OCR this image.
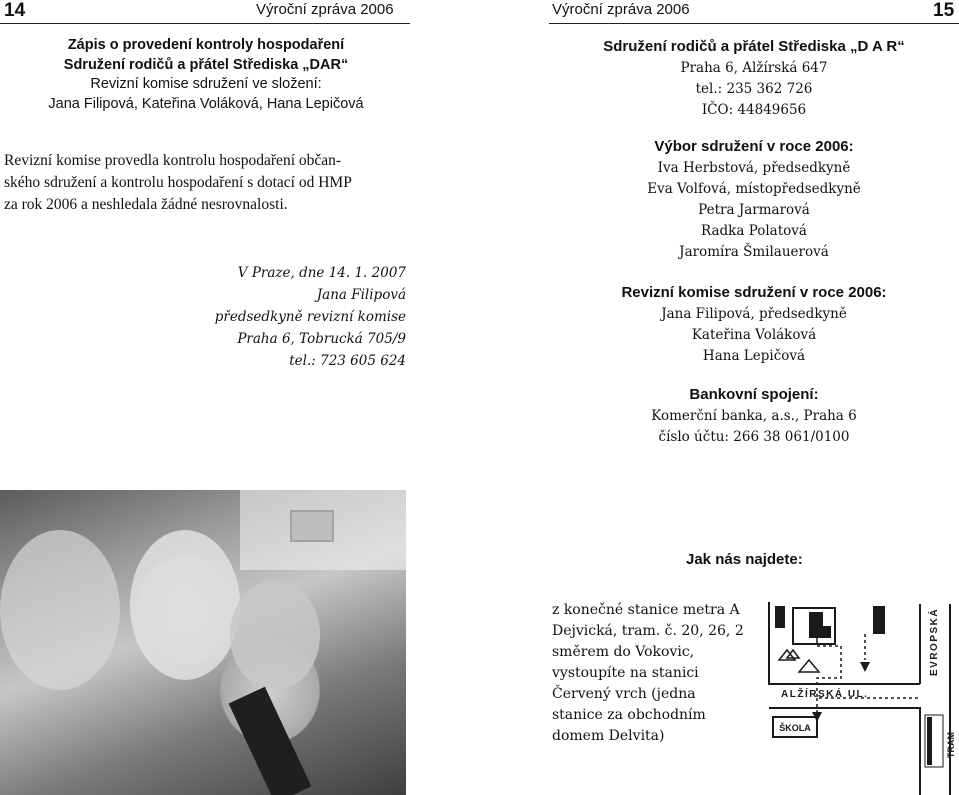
14	Výroční zpráva 2006	Výroční zpráva 2006	15
Zápis o provedení kontroly hospodaření
Sdružení rodičů a přátel Střediska „DAR“
Revizní komise sdružení ve složení:
Jana Filipová, Kateřina Voláková, Hana Lepičová
Revizní komise provedla kontrolu hospodaření občan-
ského sdružení a kontrolu hospodaření s dotací od HMP
za rok 2006 a neshledala žádné nesrovnalosti.
V Praze, dne 14. 1. 2007
Jana Filipová
předsedkyně revizní komise
Praha 6, Tobrucká 705/9
tel.: 723 605 624
Sdružení rodičů a přátel Střediska „D A R“
Praha 6, Alžírská 647
tel.: 235 362 726
IČO: 44849656
Výbor sdružení v roce 2006:
Iva Herbstová, předsedkyně
Eva Volfová, místopředsedkyně
Petra Jarmarová
Radka Polatová
Jaromíra Šmilauerová
Revizní komise sdružení v roce 2006:
Jana Filipová, předsedkyně
Kateřina Voláková
Hana Lepičová
Bankovní spojení:
Komerční banka, a.s., Praha 6
číslo účtu: 266 38 061/0100
Jak nás najdete:
z konečné stanice metra A
Dejvická, tram. č. 20, 26, 2
směrem do Vokovic,
vystoupíte na stanici
Červený vrch (jedna
stanice za obchodním
domem Delvita)	ŠKOLA
ALŽÍRSKÁ UL.
EVROPSKÁ
TRAM
